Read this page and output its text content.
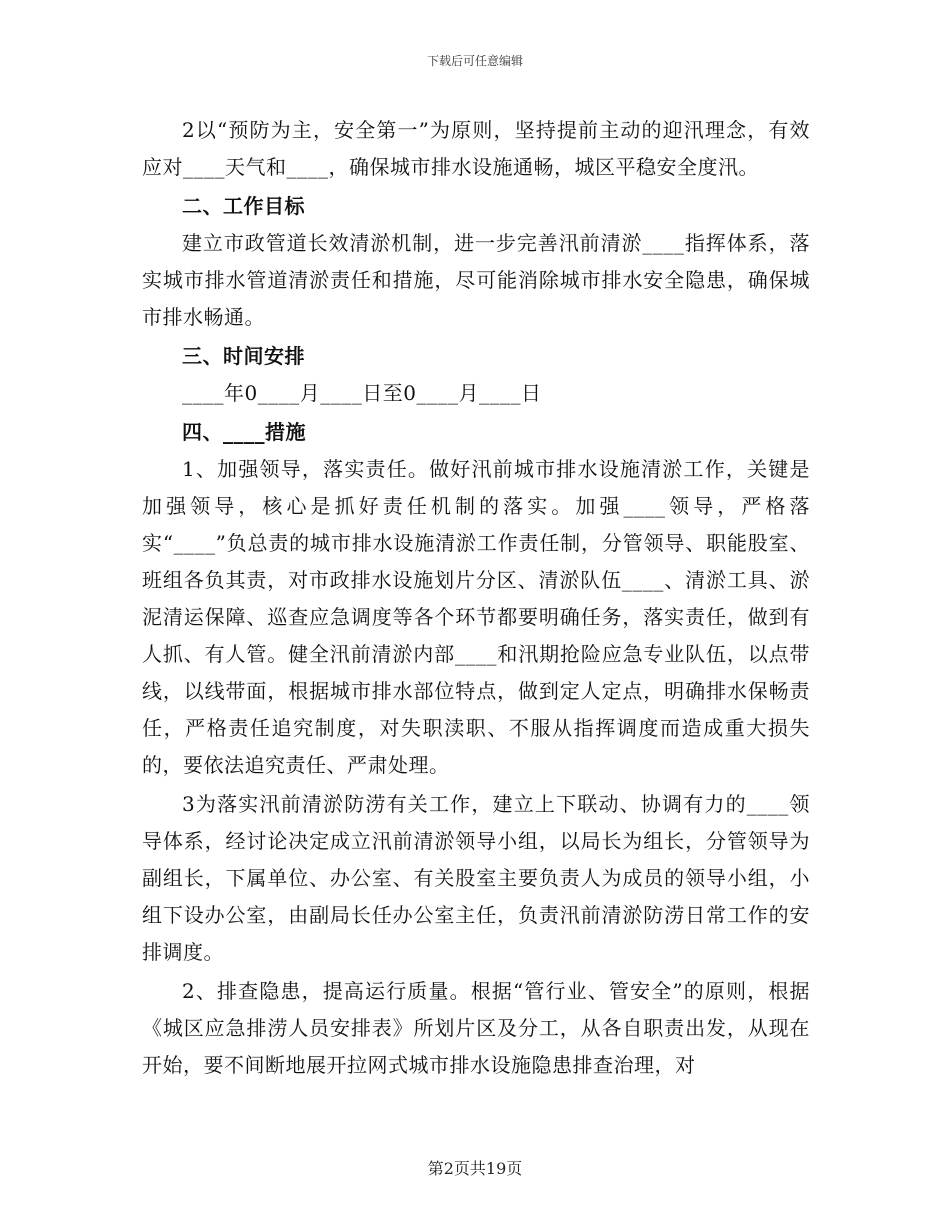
下载后可任意编辑

2以“预防为主，安全第一”为原则，坚持提前主动的迎汛理念，有效应对____天气和____，确保城市排水设施通畅，城区平稳安全度汛。

二、工作目标

建立市政管道长效清淤机制，进一步完善汛前清淤____指挥体系，落实城市排水管道清淤责任和措施，尽可能消除城市排水安全隐患，确保城市排水畅通。

三、时间安排

____年0____月____日至0____月____日

四、____措施

1、加强领导，落实责任。做好汛前城市排水设施清淤工作，关键是加强领导，核心是抓好责任机制的落实。加强____领导，严格落实“____”负总责的城市排水设施清淤工作责任制，分管领导、职能股室、班组各负其责，对市政排水设施划片分区、清淤队伍____、清淤工具、淤泥清运保障、巡查应急调度等各个环节都要明确任务，落实责任，做到有人抓、有人管。健全汛前清淤内部____和汛期抢险应急专业队伍，以点带线，以线带面，根据城市排水部位特点，做到定人定点，明确排水保畅责任，严格责任追究制度，对失职渎职、不服从指挥调度而造成重大损失的，要依法追究责任、严肃处理。

3为落实汛前清淤防涝有关工作，建立上下联动、协调有力的____领导体系，经讨论决定成立汛前清淤领导小组，以局长为组长，分管领导为副组长，下属单位、办公室、有关股室主要负责人为成员的领导小组，小组下设办公室，由副局长任办公室主任，负责汛前清淤防涝日常工作的安排调度。

2、排查隐患，提高运行质量。根据“管行业、管安全”的原则，根据《城区应急排涝人员安排表》所划片区及分工，从各自职责出发，从现在开始，要不间断地展开拉网式城市排水设施隐患排查治理，对

第2页共19页
